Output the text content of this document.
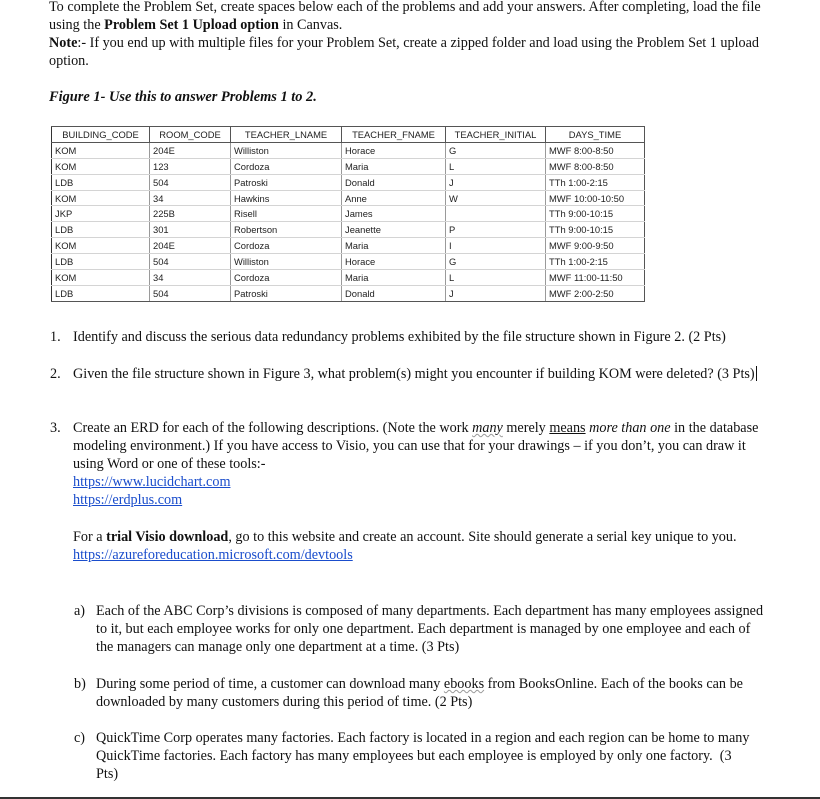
To complete the Problem Set, create spaces below each of the problems and add your answers. After completing, load the file using the Problem Set 1 Upload option in Canvas.

Note:- If you end up with multiple files for your Problem Set, create a zipped folder and load using the Problem Set 1 upload option.

Figure 1- Use this to answer Problems 1 to 2.
BUILDING_CODE	ROOM_CODE	TEACHER_LNAME	TEACHER_FNAME	TEACHER_INITIAL	DAYS_TIME
KOM	204E	Williston	Horace	G	MWF 8:00-8:50
KOM	123	Cordoza	Maria	L	MWF 8:00-8:50
LDB	504	Patroski	Donald	J	TTh 1:00-2:15
KOM	34	Hawkins	Anne	W	MWF 10:00-10:50
JKP	225B	Risell	James		TTh 9:00-10:15
LDB	301	Robertson	Jeanette	P	TTh 9:00-10:15
KOM	204E	Cordoza	Maria	I	MWF 9:00-9:50
LDB	504	Williston	Horace	G	TTh 1:00-2:15
KOM	34	Cordoza	Maria	L	MWF 11:00-11:50
LDB	504	Patroski	Donald	J	MWF 2:00-2:50
1. Identify and discuss the serious data redundancy problems exhibited by the file structure shown in Figure 2. (2 Pts)
2. Given the file structure shown in Figure 3, what problem(s) might you encounter if building KOM were deleted? (3 Pts)
3. Create an ERD for each of the following descriptions. (Note the work many merely means more than one in the database modeling environment.) If you have access to Visio, you can use that for your drawings – if you don’t, you can draw it using Word or one of these tools:-
https://www.lucidchart.com
https://erdplus.com
For a trial Visio download, go to this website and create an account. Site should generate a serial key unique to you.
https://azureforeducation.microsoft.com/devtools
a) Each of the ABC Corp’s divisions is composed of many departments. Each department has many employees assigned to it, but each employee works for only one department. Each department is managed by one employee and each of the managers can manage only one department at a time. (3 Pts)
b) During some period of time, a customer can download many ebooks from BooksOnline. Each of the books can be downloaded by many customers during this period of time. (2 Pts)
c) QuickTime Corp operates many factories. Each factory is located in a region and each region can be home to many   QuickTime factories. Each factory has many employees but each employee is employed by only one factory.  (3 Pts)
